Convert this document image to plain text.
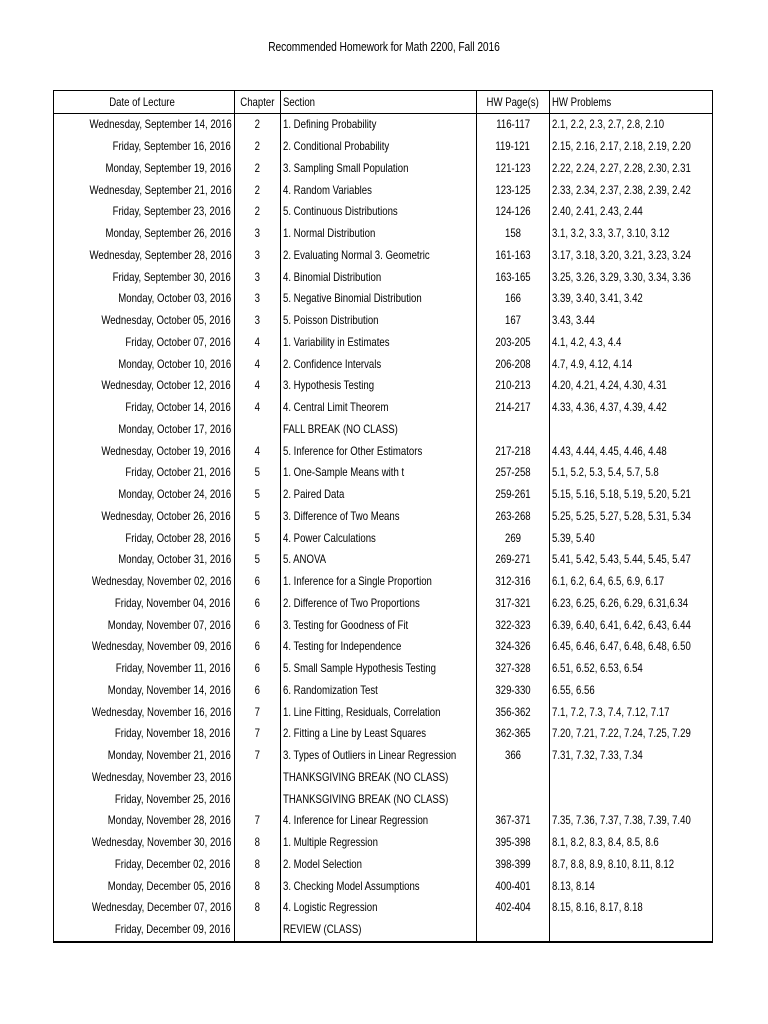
Recommended Homework for Math 2200, Fall 2016
Date of Lecture	Chapter	Section	HW Page(s)	HW Problems
Wednesday, September 14, 2016	2	1. Defining Probability	116-117	2.1, 2.2, 2.3, 2.7, 2.8, 2.10
Friday, September 16, 2016	2	2. Conditional Probability	119-121	2.15, 2.16, 2.17, 2.18, 2.19, 2.20
Monday, September 19, 2016	2	3. Sampling Small Population	121-123	2.22, 2.24, 2.27, 2.28, 2.30, 2.31
Wednesday, September 21, 2016	2	4. Random Variables	123-125	2.33, 2.34, 2.37, 2.38, 2.39, 2.42
Friday, September 23, 2016	2	5. Continuous Distributions	124-126	2.40, 2.41, 2.43, 2.44
Monday, September 26, 2016	3	1. Normal Distribution	158	3.1, 3.2, 3.3, 3.7, 3.10, 3.12
Wednesday, September 28, 2016	3	2. Evaluating Normal 3. Geometric	161-163	3.17, 3.18, 3.20, 3.21, 3.23, 3.24
Friday, September 30, 2016	3	4. Binomial Distribution	163-165	3.25, 3.26, 3.29, 3.30, 3.34, 3.36
Monday, October 03, 2016	3	5. Negative Binomial Distribution	166	3.39, 3.40, 3.41, 3.42
Wednesday, October 05, 2016	3	5. Poisson Distribution	167	3.43, 3.44
Friday, October 07, 2016	4	1. Variability in Estimates	203-205	4.1, 4.2, 4.3, 4.4
Monday, October 10, 2016	4	2. Confidence Intervals	206-208	4.7, 4.9, 4.12, 4.14
Wednesday, October 12, 2016	4	3. Hypothesis Testing	210-213	4.20, 4.21, 4.24, 4.30, 4.31
Friday, October 14, 2016	4	4. Central Limit Theorem	214-217	4.33, 4.36, 4.37, 4.39, 4.42
Monday, October 17, 2016		FALL BREAK (NO CLASS)		
Wednesday, October 19, 2016	4	5. Inference for Other Estimators	217-218	4.43, 4.44, 4.45, 4.46, 4.48
Friday, October 21, 2016	5	1. One-Sample Means with t	257-258	5.1, 5.2, 5.3, 5.4, 5.7, 5.8
Monday, October 24, 2016	5	2. Paired Data	259-261	5.15, 5.16, 5.18, 5.19, 5.20, 5.21
Wednesday, October 26, 2016	5	3. Difference of Two Means	263-268	5.25, 5.25, 5.27, 5.28, 5.31, 5.34
Friday, October 28, 2016	5	4. Power Calculations	269	5.39, 5.40
Monday, October 31, 2016	5	5. ANOVA	269-271	5.41, 5.42, 5.43, 5.44, 5.45, 5.47
Wednesday, November 02, 2016	6	1. Inference for a Single Proportion	312-316	6.1, 6.2, 6.4, 6.5, 6.9, 6.17
Friday, November 04, 2016	6	2. Difference of Two Proportions	317-321	6.23, 6.25, 6.26, 6.29, 6.31,6.34
Monday, November 07, 2016	6	3. Testing for Goodness of Fit	322-323	6.39, 6.40, 6.41, 6.42, 6.43, 6.44
Wednesday, November 09, 2016	6	4. Testing for Independence	324-326	6.45, 6.46, 6.47, 6.48, 6.48, 6.50
Friday, November 11, 2016	6	5. Small Sample Hypothesis Testing	327-328	6.51, 6.52, 6.53, 6.54
Monday, November 14, 2016	6	6. Randomization Test	329-330	6.55, 6.56
Wednesday, November 16, 2016	7	1. Line Fitting, Residuals, Correlation	356-362	7.1, 7.2, 7.3, 7.4, 7.12, 7.17
Friday, November 18, 2016	7	2. Fitting a Line by Least Squares	362-365	7.20, 7.21, 7.22, 7.24, 7.25, 7.29
Monday, November 21, 2016	7	3. Types of Outliers in Linear Regression	366	7.31, 7.32, 7.33, 7.34
Wednesday, November 23, 2016		THANKSGIVING BREAK (NO CLASS)		
Friday, November 25, 2016		THANKSGIVING BREAK (NO CLASS)		
Monday, November 28, 2016	7	4. Inference for Linear Regression	367-371	7.35, 7.36, 7.37, 7.38, 7.39, 7.40
Wednesday, November 30, 2016	8	1. Multiple Regression	395-398	8.1, 8.2, 8.3, 8.4, 8.5, 8.6
Friday, December 02, 2016	8	2. Model Selection	398-399	8.7, 8.8, 8.9, 8.10, 8.11, 8.12
Monday, December 05, 2016	8	3. Checking Model Assumptions	400-401	8.13, 8.14
Wednesday, December 07, 2016	8	4. Logistic Regression	402-404	8.15, 8.16, 8.17, 8.18
Friday, December 09, 2016		REVIEW (CLASS)		
